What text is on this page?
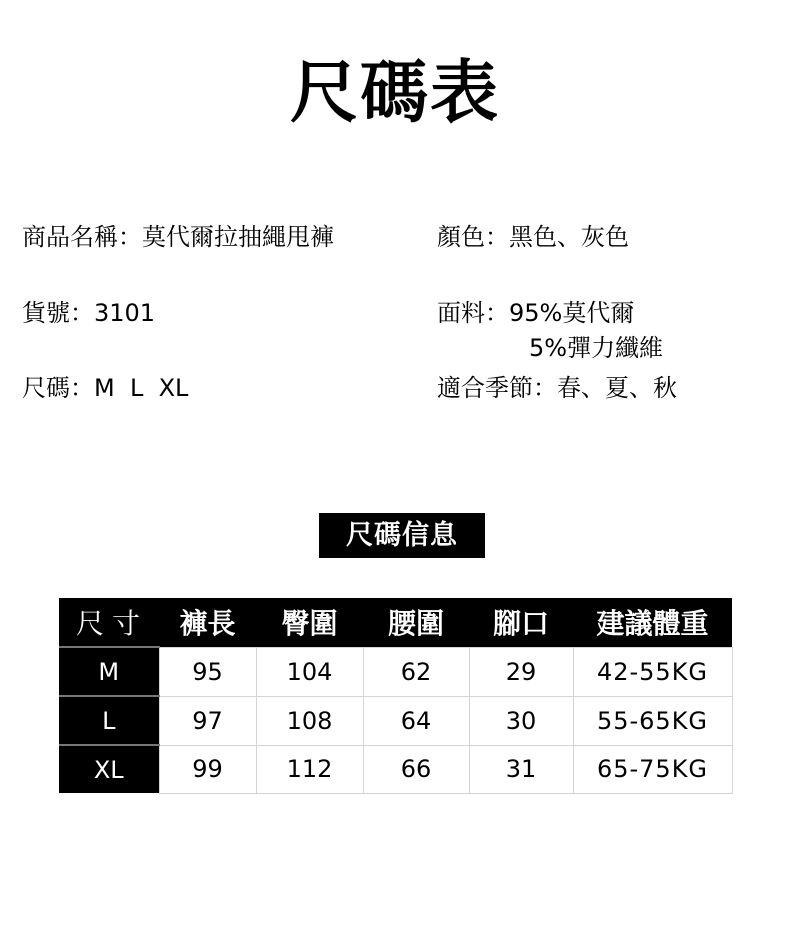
尺碼表
商品名稱：莫代爾拉抽繩甩褲	顏色：黑色、灰色
貨號：3101	面料：95%莫代爾
5%彈力纖維
尺碼：M  L  XL	適合季節：春、夏、秋
尺碼信息
尺寸	褲長	臀圍	腰圍	腳口	建議體重
M	95	104	62	29	42-55KG
L	97	108	64	30	55-65KG
XL	99	112	66	31	65-75KG
